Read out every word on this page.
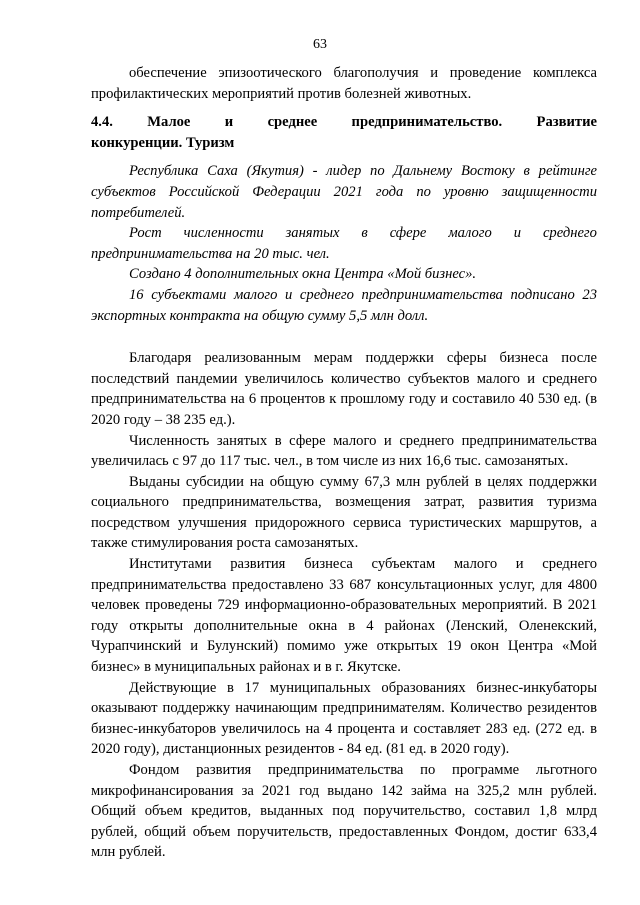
63

обеспечение эпизоотического благополучия и проведение комплекса профилактических мероприятий против болезней животных.

4.4. Малое и среднее предпринимательство. Развитие
конкуренции. Туризм

Республика Саха (Якутия) - лидер по Дальнему Востоку в рейтинге субъектов Российской Федерации 2021 года по уровню защищенности потребителей.

Рост численности занятых в сфере малого и среднего
предпринимательства на 20 тыс. чел.

Создано 4 дополнительных окна Центра «Мой бизнес».

16 субъектами малого и среднего предпринимательства подписано 23 экспортных контракта на общую сумму 5,5 млн долл.

Благодаря реализованным мерам поддержки сферы бизнеса после последствий пандемии увеличилось количество субъектов малого и среднего предпринимательства на 6 процентов к прошлому году и составило 40 530 ед. (в 2020 году – 38 235 ед.).

Численность занятых в сфере малого и среднего предпринимательства увеличилась с 97 до 117 тыс. чел., в том числе из них 16,6 тыс. самозанятых.

Выданы субсидии на общую сумму 67,3 млн рублей в целях поддержки социального предпринимательства, возмещения затрат, развития туризма посредством улучшения придорожного сервиса туристических маршрутов, а также стимулирования роста самозанятых.

Институтами развития бизнеса субъектам малого и среднего предпринимательства предоставлено 33 687 консультационных услуг, для 4800 человек проведены 729 информационно-образовательных мероприятий. В 2021 году открыты дополнительные окна в 4 районах (Ленский, Оленекский, Чурапчинский и Булунский) помимо уже открытых 19 окон Центра «Мой бизнес» в муниципальных районах и в г. Якутске.

Действующие в 17 муниципальных образованиях бизнес-инкубаторы оказывают поддержку начинающим предпринимателям. Количество резидентов бизнес-инкубаторов увеличилось на 4 процента и составляет 283 ед. (272 ед. в 2020 году), дистанционных резидентов - 84 ед. (81 ед. в 2020 году).

Фондом развития предпринимательства по программе льготного микрофинансирования за 2021 год выдано 142 займа на 325,2 млн рублей. Общий объем кредитов, выданных под поручительство, составил 1,8 млрд рублей, общий объем поручительств, предоставленных Фондом, достиг 633,4 млн рублей.
